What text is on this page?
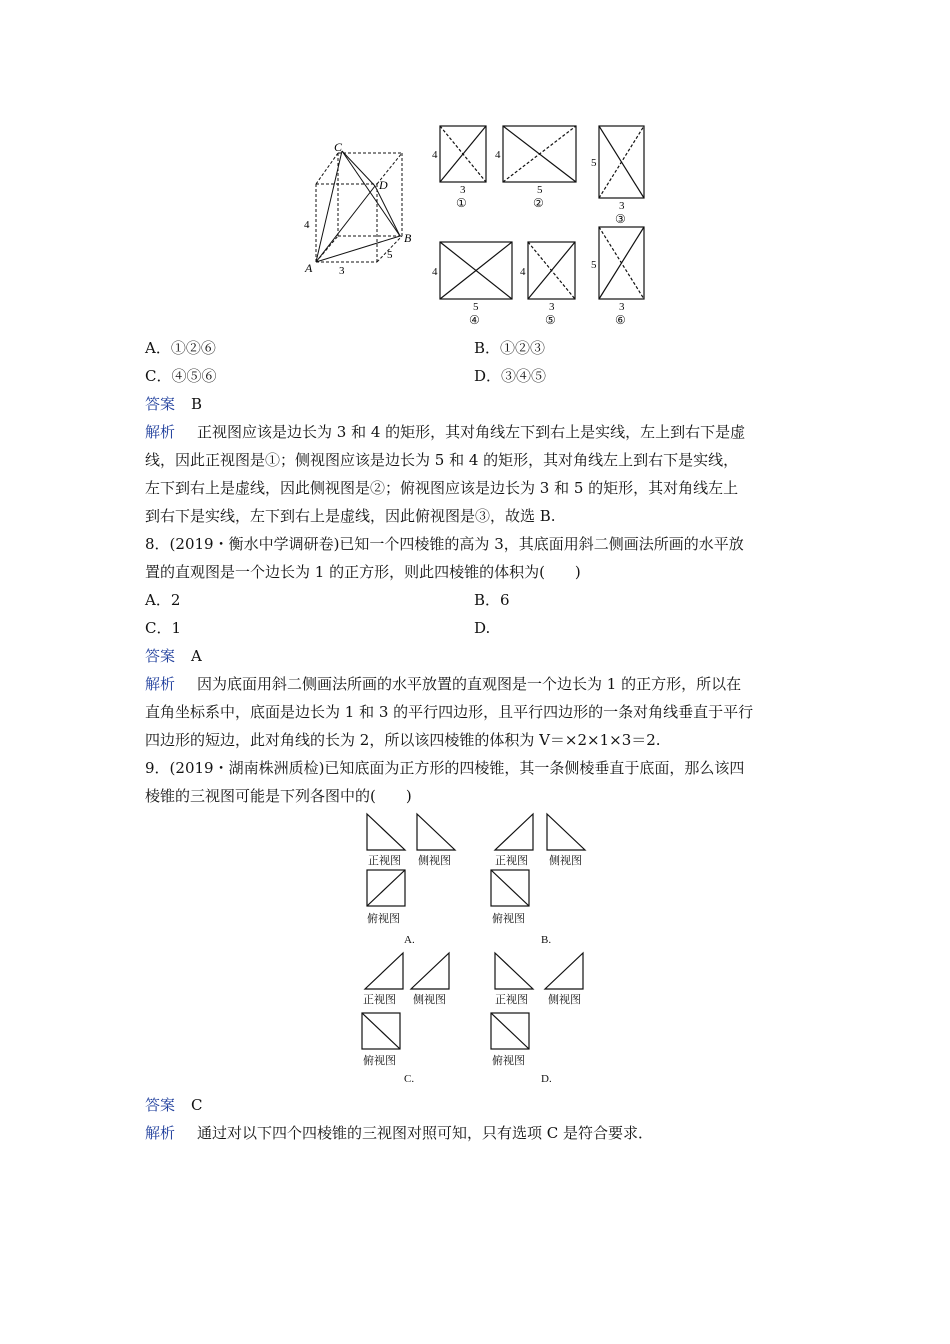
C
D
B
A
4
3
5
4
3
①
4
5
②
5
3
③
4
5
④
4
3
⑤
5
3
⑥
A．①②⑥	B．①②③
C．④⑤⑥	D．③④⑤
答案 B
解析 正视图应该是边长为 3 和 4 的矩形，其对角线左下到右上是实线，左上到右下是虚
线，因此正视图是①；侧视图应该是边长为 5 和 4 的矩形，其对角线左上到右下是实线，
左下到右上是虚线，因此侧视图是②；俯视图应该是边长为 3 和 5 的矩形，其对角线左上
到右下是实线，左下到右上是虚线，因此俯视图是③，故选 B.
8．(2019・衡水中学调研卷)已知一个四棱锥的高为 3，其底面用斜二侧画法所画的水平放
置的直观图是一个边长为 1 的正方形，则此四棱锥的体积为(　　)
A．2	B．6
C．1	D.
答案 A
解析 因为底面用斜二侧画法所画的水平放置的直观图是一个边长为 1 的正方形，所以在
直角坐标系中，底面是边长为 1 和 3 的平行四边形，且平行四边形的一条对角线垂直于平行
四边形的短边，此对角线的长为 2，所以该四棱锥的体积为 V＝×2×1×3＝2.
9．(2019・湖南株洲质检)已知底面为正方形的四棱锥，其一条侧棱垂直于底面，那么该四
棱锥的三视图可能是下列各图中的(　　)
正视图 侧视图
俯视图
A.
正视图 侧视图
俯视图
B.
正视图 侧视图
俯视图
C.
正视图 侧视图
俯视图
D.
答案 C
解析 通过对以下四个四棱锥的三视图对照可知，只有选项 C 是符合要求．
